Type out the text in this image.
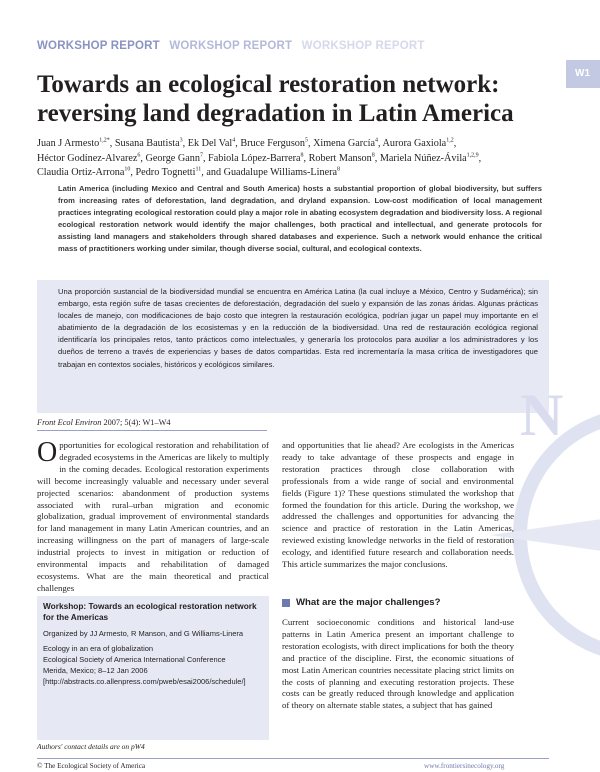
WORKSHOP REPORT WORKSHOP REPORT WORKSHOP REPORT
W1
Towards an ecological restoration network: reversing land degradation in Latin America
Juan J Armesto$^{1,2*}$, Susana Bautista$^3$, Ek Del Val$^4$, Bruce Ferguson$^5$, Ximena García$^4$, Aurora Gaxiola$^{1,2}$,
Héctor Godínez-Alvarez$^6$, George Gann$^7$, Fabiola López-Barrera$^8$, Robert Manson$^8$, Mariela Núñez-Ávila$^{1,2,9}$,
Claudia Ortiz-Arrona$^{10}$, Pedro Tognetti$^{11}$, and Guadalupe Williams-Linera$^8$
Latin America (including Mexico and Central and South America) hosts a substantial proportion of global biodiversity, but suffers from increasing rates of deforestation, land degradation, and dryland expansion. Low-cost modification of local management practices integrating ecological restoration could play a major role in abating ecosystem degradation and biodiversity loss. A regional ecological restoration network would identify the major challenges, both practical and intellectual, and generate protocols for assisting land managers and stakeholders through shared databases and experience. Such a network would enhance the critical mass of practitioners working under similar, though diverse social, cultural, and ecological contexts.
Una proporción sustancial de la biodiversidad mundial se encuentra en América Latina (la cual incluye a México, Centro y Sudamérica); sin embargo, esta región sufre de tasas crecientes de deforestación, degradación del suelo y expansión de las zonas áridas. Algunas prácticas locales de manejo, con modificaciones de bajo costo que integren la restauración ecológica, podrían jugar un papel muy importante en el abatimiento de la degradación de los ecosistemas y en la reducción de la biodiversidad. Una red de restauración ecológica regional identificaría los principales retos, tanto prácticos como intelectuales, y generaría los protocolos para auxiliar a los administradores y los dueños de terreno a través de experiencias y bases de datos compartidas. Esta red incrementaría la masa crítica de investigadores que trabajan en contextos sociales, históricos y ecológicos similares.
N
Front Ecol Environ 2007; 5(4): W1–W4
Opportunities for ecological restoration and rehabilitation of degraded ecosystems in the Americas are likely to multiply in the coming decades. Ecological restoration experiments will become increasingly valuable and necessary under several projected scenarios: abandonment of production systems associated with rural–urban migration and economic globalization, gradual improvement of environmental standards for land management in many Latin American countries, and an increasing willingness on the part of managers of large-scale industrial projects to invest in mitigation or reduction of environmental impacts and rehabilitation of damaged ecosystems. What are the main theoretical and practical challenges
Workshop: Towards an ecological restoration network for the Americas
Organized by JJ Armesto, R Manson, and G Williams-Linera
Ecology in an era of globalization
Ecological Society of America International Conference
Merida, Mexico; 8–12 Jan 2006
[http://abstracts.co.allenpress.com/pweb/esai2006/schedule/]
Authors' contact details are on pW4
and opportunities that lie ahead? Are ecologists in the Americas ready to take advantage of these prospects and engage in restoration practices through close collaboration with professionals from a wide range of social and environmental fields (Figure 1)? These questions stimulated the workshop that formed the foundation for this article. During the workshop, we addressed the challenges and opportunities for advancing the science and practice of restoration in the Latin Americas, reviewed existing knowledge networks in the field of restoration ecology, and identified future research and collaboration needs. This article summarizes the major conclusions.
What are the major challenges?
Current socioeconomic conditions and historical land-use patterns in Latin America present an important challenge to restoration ecologists, with direct implications for both the theory and practice of the discipline. First, the economic situations of most Latin American countries necessitate placing strict limits on the costs of planning and executing restoration projects. These costs can be greatly reduced through knowledge and application of theory on alternate stable states, a subject that has gained
© The Ecological Society of America	www.frontiersinecology.org
